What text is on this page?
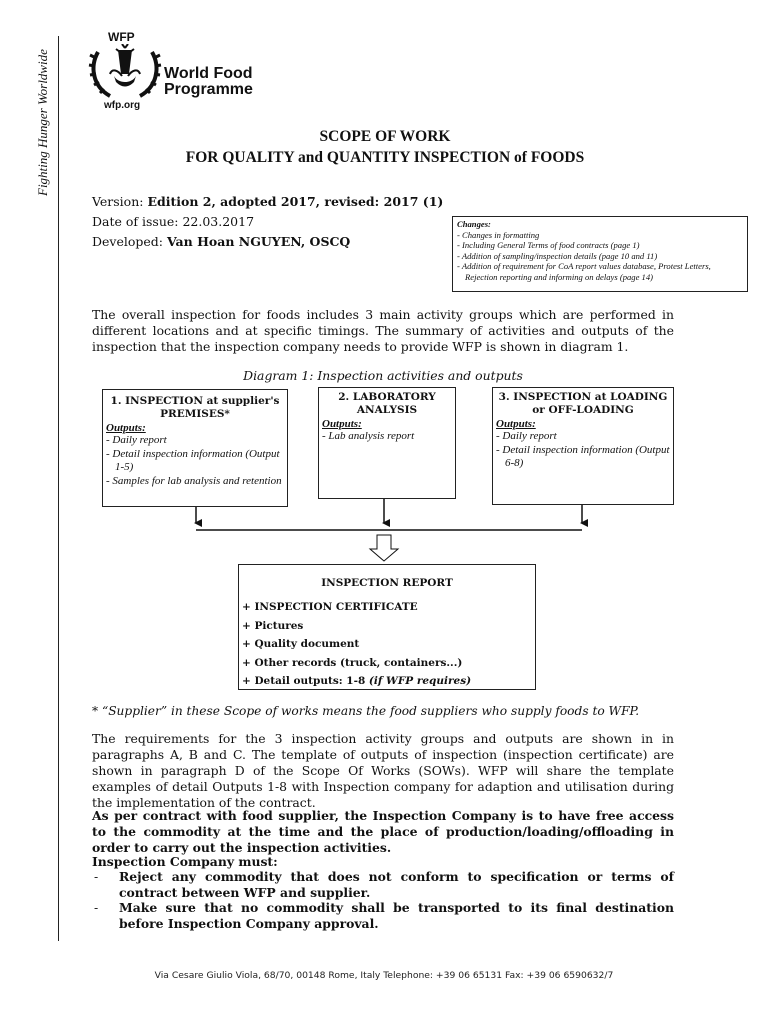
Fighting Hunger Worldwide
WFP
World Food
Programme
wfp.org
SCOPE OF WORK
FOR QUALITY and QUANTITY INSPECTION of FOODS
Version: Edition 2, adopted 2017, revised: 2017 (1)
Date of issue: 22.03.2017
Developed: Van Hoan NGUYEN, OSCQ
Changes:
- Changes in formatting
- Including General Terms of food contracts (page 1)
- Addition of sampling/inspection details (page 10 and 11)
- Addition of requirement for CoA report values database, Protest Letters, Rejection reporting and informing on delays (page 14)
The overall inspection for foods includes 3 main activity groups which are performed in different locations and at specific timings. The summary of activities and outputs of the inspection that the inspection company needs to provide WFP is shown in diagram 1.
Diagram 1: Inspection activities and outputs
1. INSPECTION at supplier's PREMISES*
Outputs:
- Daily report
- Detail inspection information (Output 1-5)
- Samples for lab analysis and retention
2. LABORATORY ANALYSIS
Outputs:
- Lab analysis report
3. INSPECTION at LOADING or OFF-LOADING
Outputs:
- Daily report
- Detail inspection information (Output 6-8)
INSPECTION REPORT
+ INSPECTION CERTIFICATE
+ Pictures
+ Quality document
+ Other records (truck, containers...)
+ Detail outputs: 1-8 (if WFP requires)
* “Supplier” in these Scope of works means the food suppliers who supply foods to WFP.
The requirements for the 3 inspection activity groups and outputs are shown in in paragraphs A, B and C. The template of outputs of inspection (inspection certificate) are shown in paragraph D of the Scope Of Works (SOWs). WFP will share the template examples of detail Outputs 1-8 with Inspection company for adaption and utilisation during the implementation of the contract.
As per contract with food supplier, the Inspection Company is to have free access to the commodity at the time and the place of production/loading/offloading in order to carry out the inspection activities.
Inspection Company must:
- Reject any commodity that does not conform to specification or terms of contract between WFP and supplier.
- Make sure that no commodity shall be transported to its final destination before Inspection Company approval.
Via Cesare Giulio Viola, 68/70, 00148 Rome, Italy Telephone: +39 06 65131 Fax: +39 06 6590632/7
